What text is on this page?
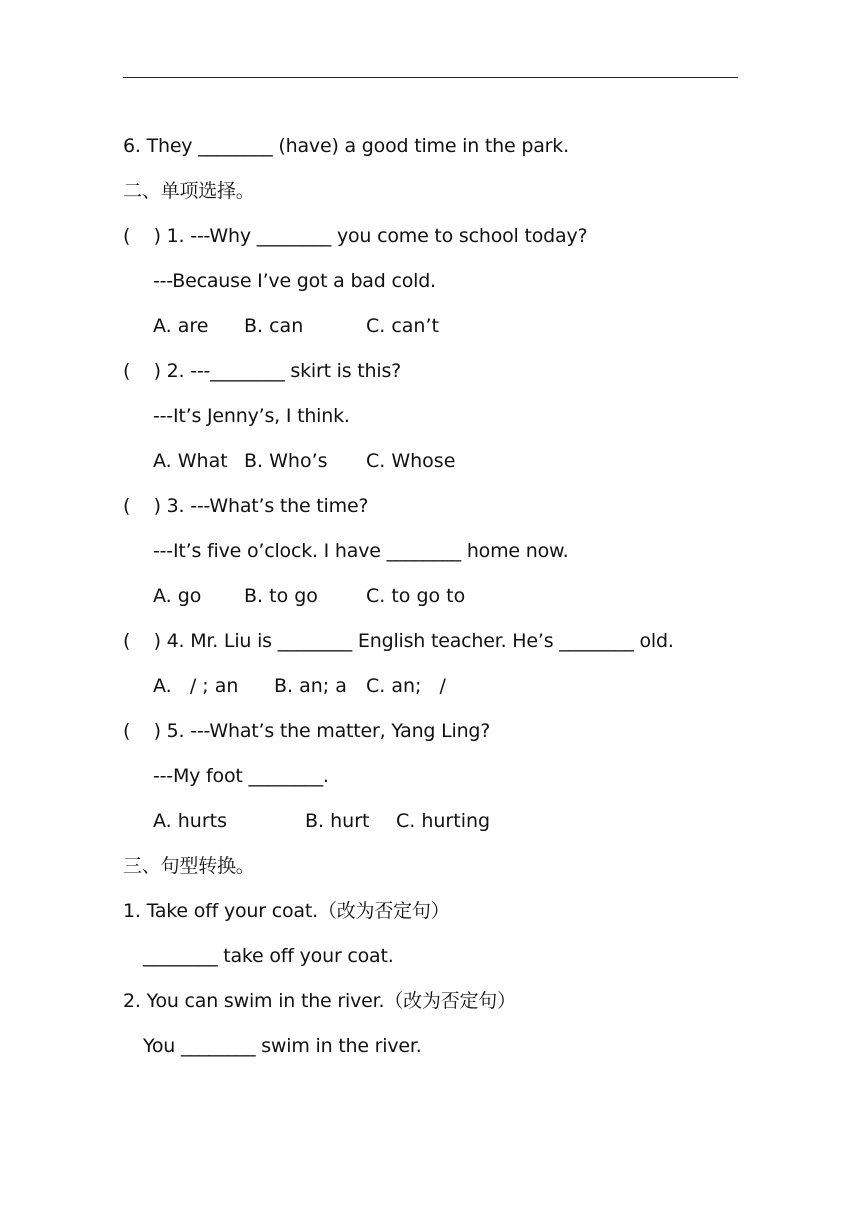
6. They ________ (have) a good time in the park.
二、单项选择。
(    ) 1. ---Why ________ you come to school today?
---Because I’ve got a bad cold.
A. are B. can	C. can’t
(    ) 2. ---________ skirt is this?
---It’s Jenny’s, I think.
A. What B. Who’s C. Whose
(    ) 3. ---What’s the time?
---It’s five o’clock. I have ________ home now.
A. go B. to go	C. to go to
(    ) 4. Mr. Liu is ________ English teacher. He’s ________ old.
A.   / ; an B. an; a C. an;   /
(    ) 5. ---What’s the matter, Yang Ling?
---My foot ________.
A. hurts	B. hurt C. hurting
三、句型转换。
1. Take off your coat.（改为否定句）
________ take off your coat.
2. You can swim in the river.（改为否定句）
You ________ swim in the river.
